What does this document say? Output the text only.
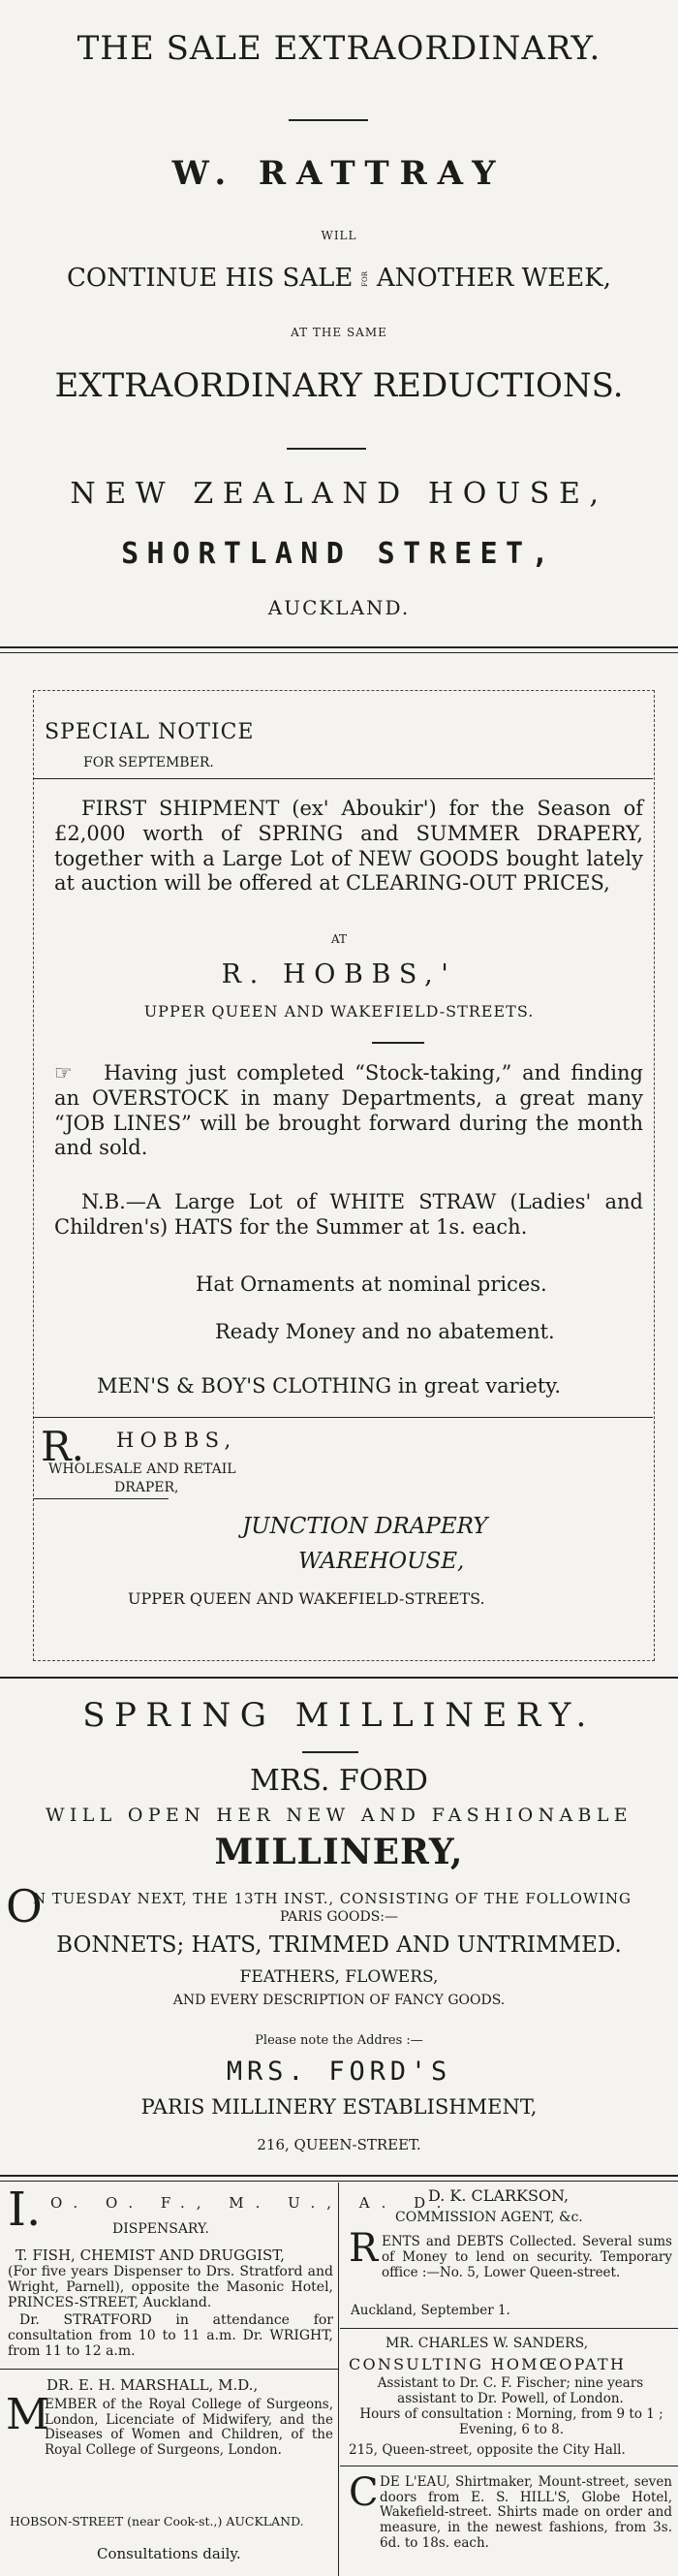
THE SALE EXTRAORDINARY.
W. RATTRAY
WILL
CONTINUE HIS SALE FOR ANOTHER WEEK,
AT THE SAME
EXTRAORDINARY REDUCTIONS.
NEW ZEALAND HOUSE,
SHORTLAND STREET,
AUCKLAND.
SPECIAL NOTICE
FOR SEPTEMBER.

FIRST SHIPMENT (ex' Aboukir') for the Season of £2,000 worth of SPRING and SUMMER DRAPERY, together with a Large Lot of NEW GOODS bought lately at auction will be offered at CLEARING-OUT PRICES,

AT
R. HOBBS,'
UPPER QUEEN AND WAKEFIELD-STREETS.

☞ Having just completed “Stock-taking,” and finding an OVERSTOCK in many Departments, a great many “JOB LINES” will be brought forward during the month and sold.

N.B.—A Large Lot of WHITE STRAW (Ladies' and Children's) HATS for the Summer at 1s. each.

Hat Ornaments at nominal prices.
Ready Money and no abatement.
MEN'S & BOY'S CLOTHING in great variety.
R. HOBBS,
WHOLESALE AND RETAIL
DRAPER,
JUNCTION DRAPERY
WAREHOUSE,
UPPER QUEEN AND WAKEFIELD-STREETS.
SPRING MILLINERY.
MRS. FORD
WILL OPEN HER NEW AND FASHIONABLE
MILLINERY,
O
N TUESDAY NEXT, THE 13TH INST., CONSISTING OF THE FOLLOWING
PARIS GOODS:—
BONNETS; HATS, TRIMMED AND UNTRIMMED.
FEATHERS, FLOWERS,
AND EVERY DESCRIPTION OF FANCY GOODS.
Please note the Addres :—
MRS. FORD'S
PARIS MILLINERY ESTABLISHMENT,
216, QUEEN-STREET.
I. O. O. F., M. U., A. D.
DISPENSARY.
T. FISH, CHEMIST AND DRUGGIST,

(For five years Dispenser to Drs. Stratford and Wright, Parnell), opposite the Masonic Hotel, PRINCES-STREET, Auckland.

Dr. STRATFORD in attendance for consultation from 10 to 11 a.m. Dr. WRIGHT, from 11 to 12 a.m.

DR. E. H. MARSHALL, M.D.,
M

EMBER of the Royal College of Surgeons, London, Licenciate of Midwifery, and the Diseases of Women and Children, of the Royal College of Surgeons, London.

HOBSON-STREET (near Cook-st.,) AUCKLAND.
Consultations daily.
D. K. CLARKSON,
COMMISSION AGENT, &c.
R ENTS and DEBTS Collected. Several sums of Money to lend on security. Temporary office :—No. 5, Lower Queen-street.

Auckland, September 1.
MR. CHARLES W. SANDERS,
CONSULTING HOMŒOPATH

Assistant to Dr. C. F. Fischer; nine years assistant to Dr. Powell, of London.

Hours of consultation : Morning, from 9 to 1 ; Evening, 6 to 8.

215, Queen-street, opposite the City Hall.
C DE L'EAU, Shirtmaker, Mount-street, seven doors from E. S. HILL'S, Globe Hotel, Wakefield-street. Shirts made on order and measure, in the newest fashions, from 3s. 6d. to 18s. each.
